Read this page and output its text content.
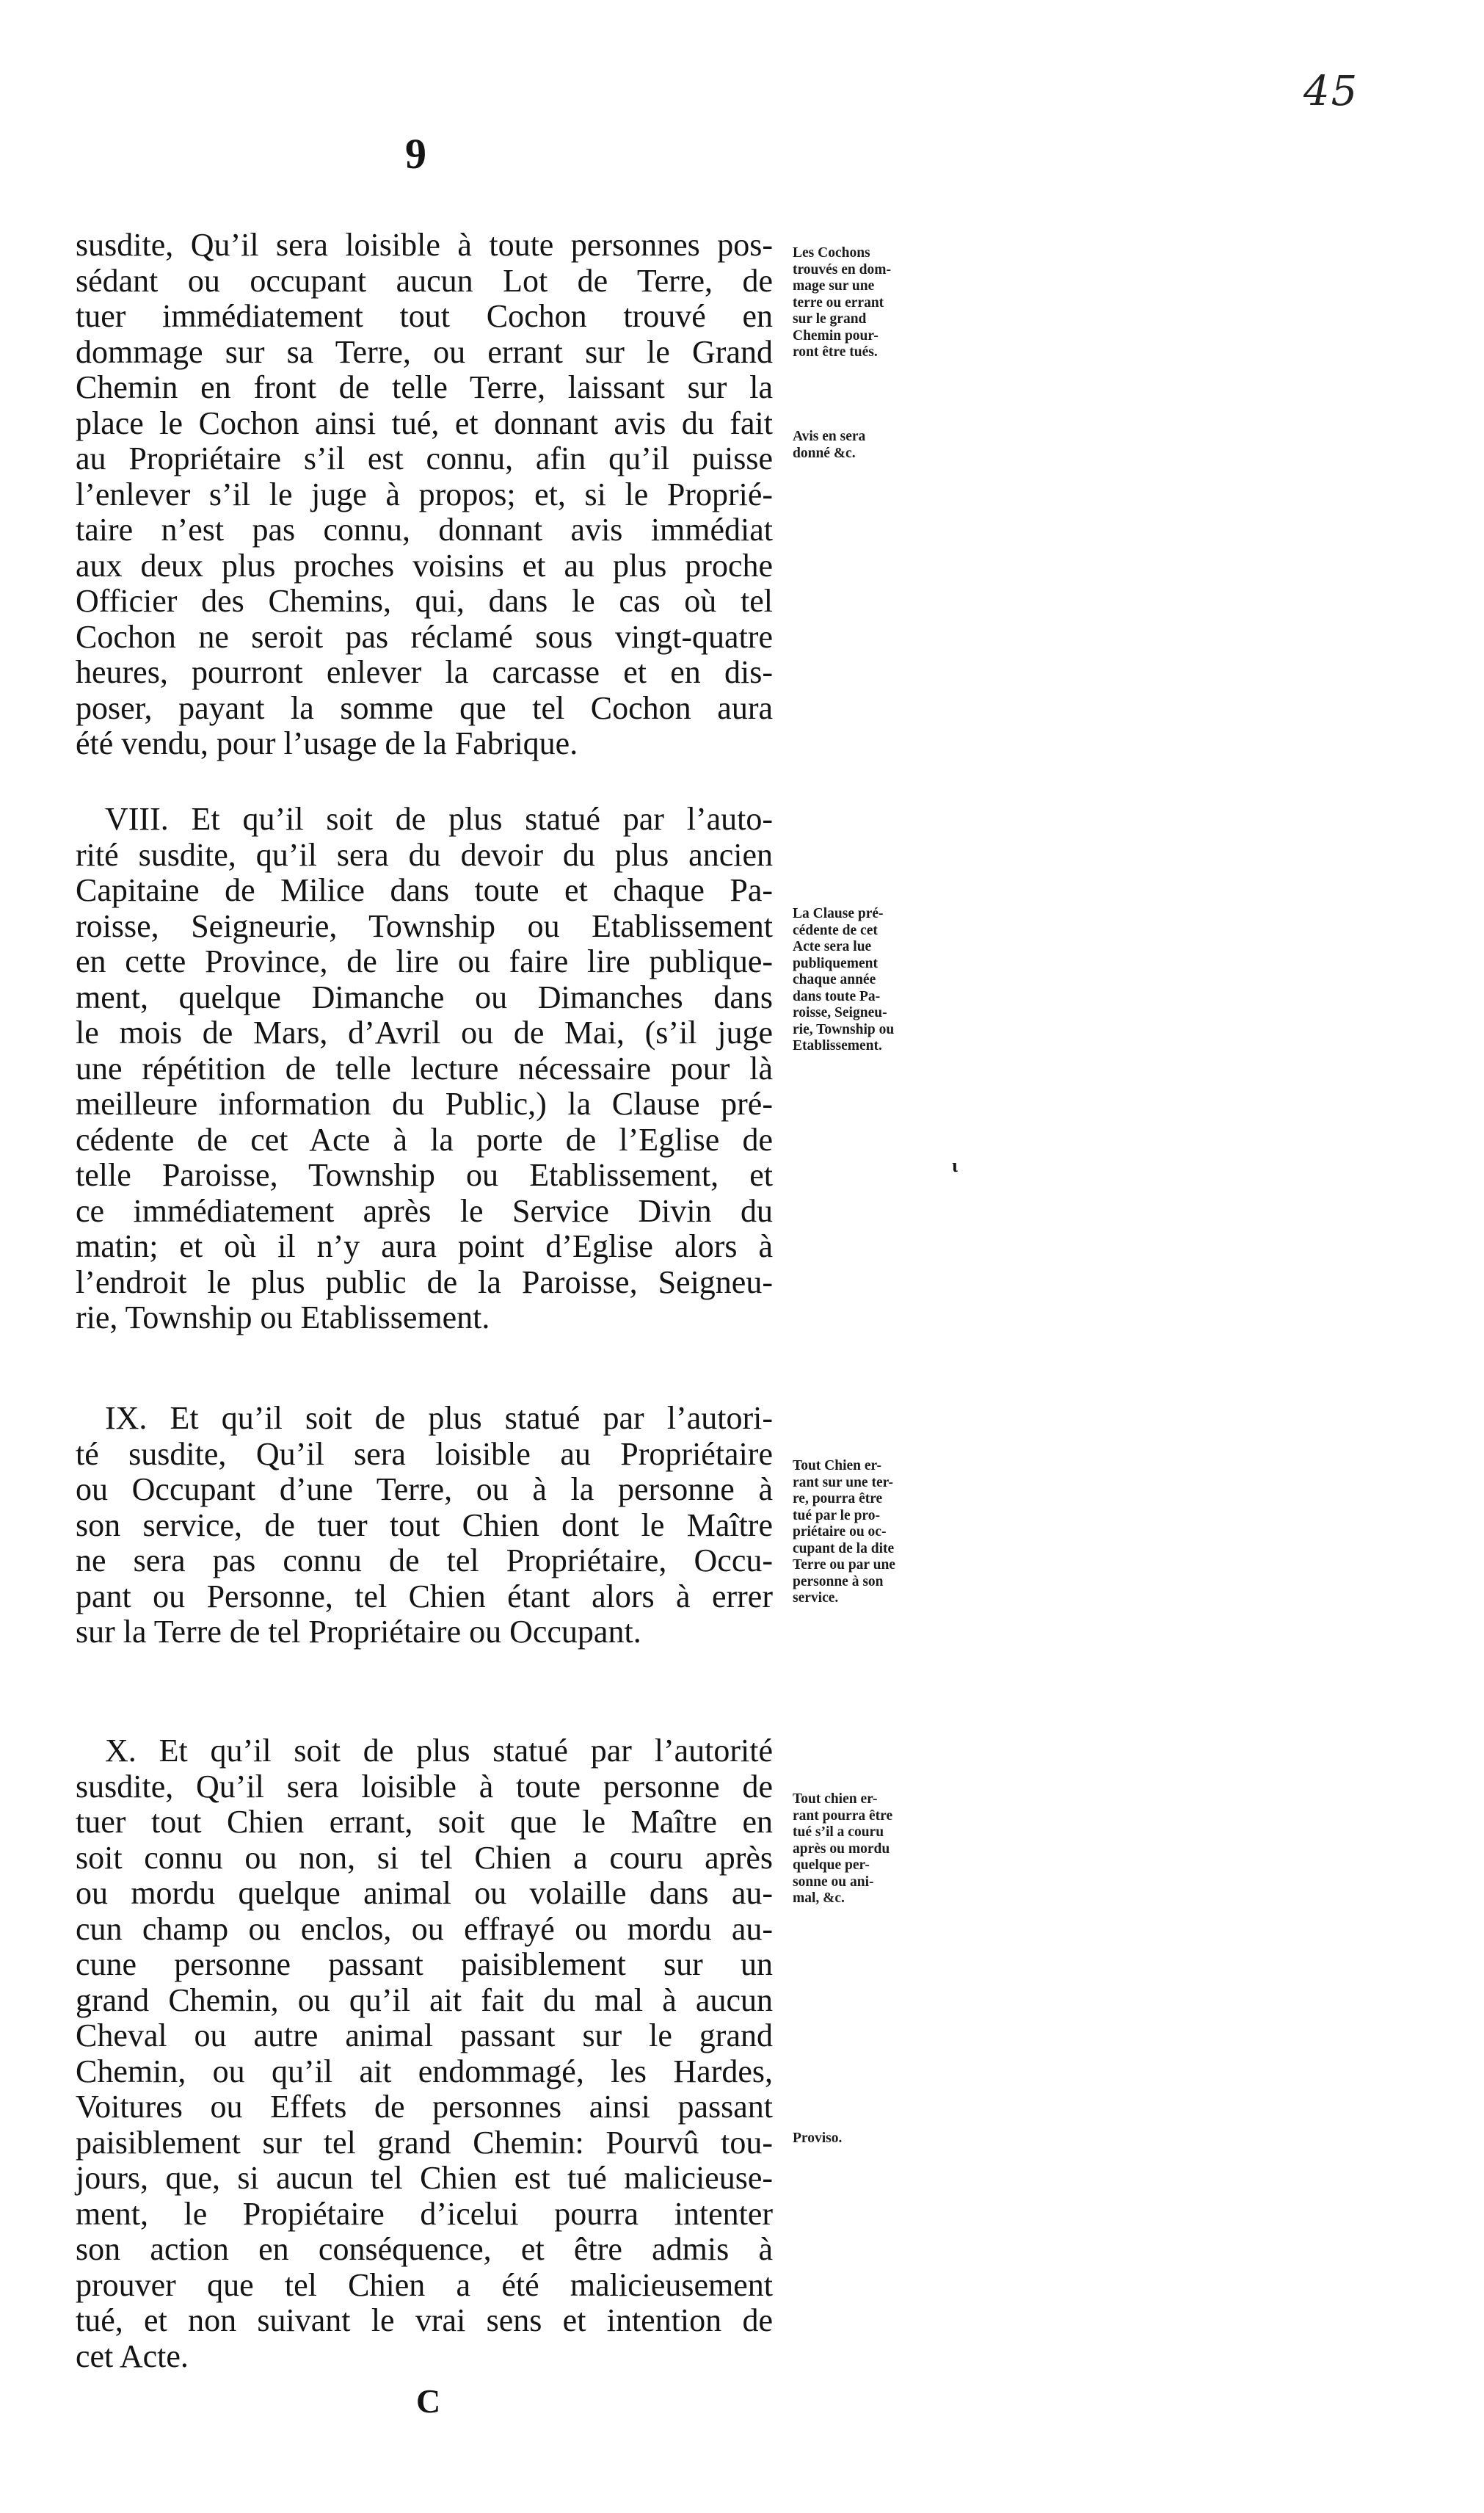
45
9
susdite, Qu’il sera loisible à toute personnes pos-
sédant ou occupant aucun Lot de Terre, de
tuer immédiatement tout Cochon trouvé en
dommage sur sa Terre, ou errant sur le Grand
Chemin en front de telle Terre, laissant sur la
place le Cochon ainsi tué, et donnant avis du fait
au Propriétaire s’il est connu, afin qu’il puisse
l’enlever s’il le juge à propos; et, si le Proprié-
taire n’est pas connu, donnant avis immédiat
aux deux plus proches voisins et au plus proche
Officier des Chemins, qui, dans le cas où tel
Cochon ne seroit pas réclamé sous vingt-quatre
heures, pourront enlever la carcasse et en dis-
poser, payant la somme que tel Cochon aura
été vendu, pour l’usage de la Fabrique.
VIII. Et qu’il soit de plus statué par l’auto-
rité susdite, qu’il sera du devoir du plus ancien
Capitaine de Milice dans toute et chaque Pa-
roisse, Seigneurie, Township ou Etablissement
en cette Province, de lire ou faire lire publique-
ment, quelque Dimanche ou Dimanches dans
le mois de Mars, d’Avril ou de Mai, (s’il juge
une répétition de telle lecture nécessaire pour là
meilleure information du Public,) la Clause pré-
cédente de cet Acte à la porte de l’Eglise de
telle Paroisse, Township ou Etablissement, et
ce immédiatement après le Service Divin du
matin; et où il n’y aura point d’Eglise alors à
l’endroit le plus public de la Paroisse, Seigneu-
rie, Township ou Etablissement.
IX. Et qu’il soit de plus statué par l’autori-
té susdite, Qu’il sera loisible au Propriétaire
ou Occupant d’une Terre, ou à la personne à
son service, de tuer tout Chien dont le Maître
ne sera pas connu de tel Propriétaire, Occu-
pant ou Personne, tel Chien étant alors à errer
sur la Terre de tel Propriétaire ou Occupant.
X. Et qu’il soit de plus statué par l’autorité
susdite, Qu’il sera loisible à toute personne de
tuer tout Chien errant, soit que le Maître en
soit connu ou non, si tel Chien a couru après
ou mordu quelque animal ou volaille dans au-
cun champ ou enclos, ou effrayé ou mordu au-
cune personne passant paisiblement sur un
grand Chemin, ou qu’il ait fait du mal à aucun
Cheval ou autre animal passant sur le grand
Chemin, ou qu’il ait endommagé, les Hardes,
Voitures ou Effets de personnes ainsi passant
paisiblement sur tel grand Chemin: Pourvû tou-
jours, que, si aucun tel Chien est tué malicieuse-
ment, le Propiétaire d’icelui pourra intenter
son action en conséquence, et être admis à
prouver que tel Chien a été malicieusement
tué, et non suivant le vrai sens et intention de
cet Acte.
Les Cochons
trouvés en dom-
mage sur une
terre ou errant
sur le grand
Chemin pour-
ront être tués.
Avis en sera
donné &c.
La Clause pré-
cédente de cet
Acte sera lue
publiquement
chaque année
dans toute Pa-
roisse, Seigneu-
rie, Township ou
Etablissement.
Tout Chien er-
rant sur une ter-
re, pourra être
tué par le pro-
priétaire ou oc-
cupant de la dite
Terre ou par une
personne à son
service.
Tout chien er-
rant pourra être
tué s’il a couru
après ou mordu
quelque per-
sonne ou ani-
mal, &c.
Proviso.
ɩ
C
